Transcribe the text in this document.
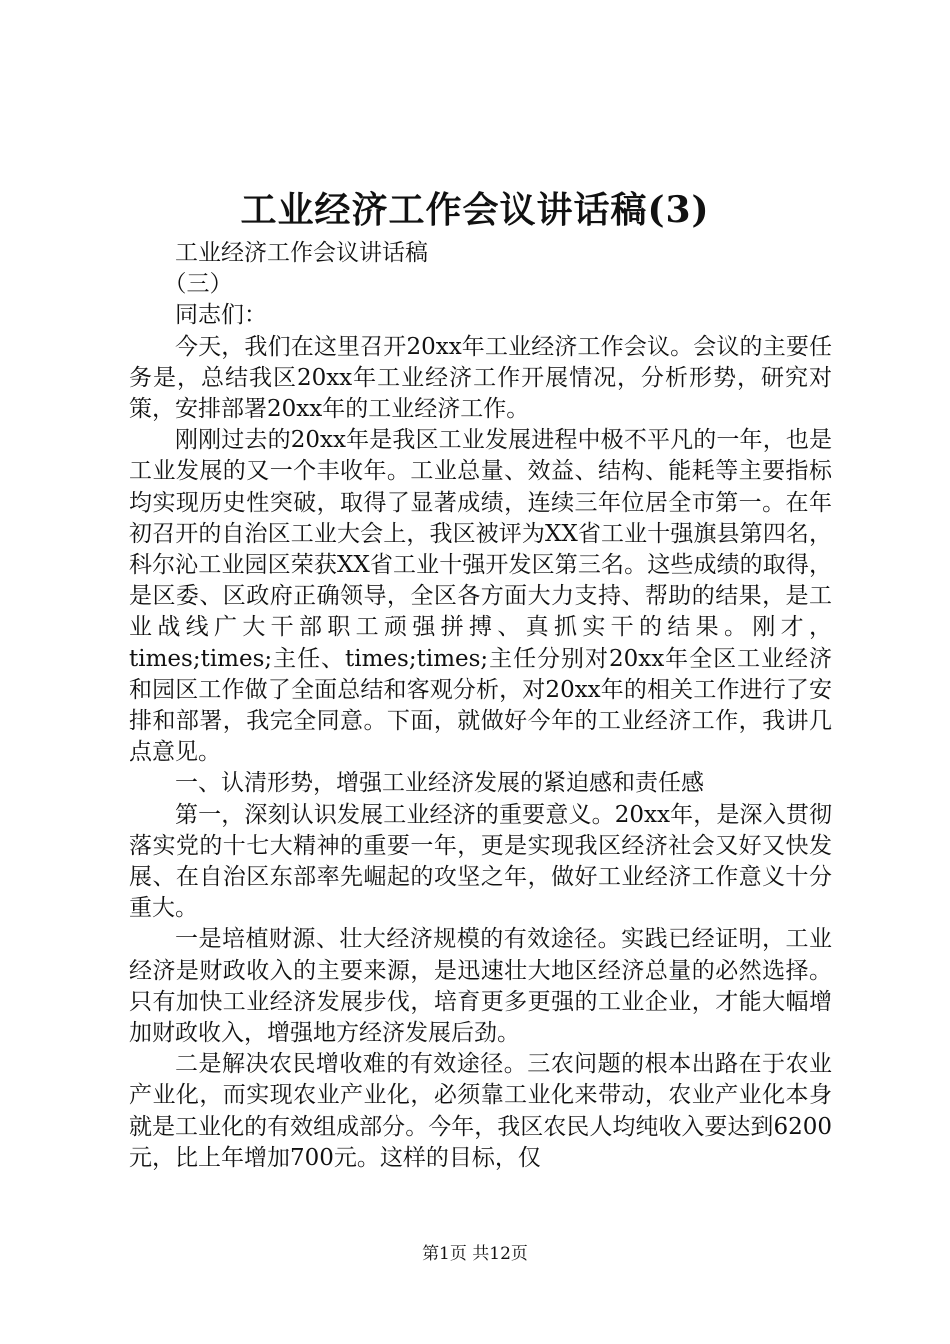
工业经济工作会议讲话稿(3)

工业经济工作会议讲话稿

（三）

同志们：

今天，我们在这里召开20xx年工业经济工作会议。会议的主要任务是，总结我区20xx年工业经济工作开展情况，分析形势，研究对策，安排部署20xx年的工业经济工作。

刚刚过去的20xx年是我区工业发展进程中极不平凡的一年，也是工业发展的又一个丰收年。工业总量、效益、结构、能耗等主要指标均实现历史性突破，取得了显著成绩，连续三年位居全市第一。在年初召开的自治区工业大会上，我区被评为XX省工业十强旗县第四名，科尔沁工业园区荣获XX省工业十强开发区第三名。这些成绩的取得，是区委、区政府正确领导，全区各方面大力支持、帮助的结果，是工业战线广大干部职工顽强拼搏、真抓实干的结果。刚才，times;times;主任、times;times;主任分别对20xx年全区工业经济和园区工作做了全面总结和客观分析，对20xx年的相关工作进行了安排和部署，我完全同意。下面，就做好今年的工业经济工作，我讲几点意见。

一、认清形势，增强工业经济发展的紧迫感和责任感

第一，深刻认识发展工业经济的重要意义。20xx年，是深入贯彻落实党的十七大精神的重要一年，更是实现我区经济社会又好又快发展、在自治区东部率先崛起的攻坚之年，做好工业经济工作意义十分重大。

一是培植财源、壮大经济规模的有效途径。实践已经证明，工业经济是财政收入的主要来源，是迅速壮大地区经济总量的必然选择。只有加快工业经济发展步伐，培育更多更强的工业企业，才能大幅增加财政收入，增强地方经济发展后劲。

二是解决农民增收难的有效途径。三农问题的根本出路在于农业产业化，而实现农业产业化，必须靠工业化来带动，农业产业化本身就是工业化的有效组成部分。今年，我区农民人均纯收入要达到6200元，比上年增加700元。这样的目标，仅

第1页 共12页
